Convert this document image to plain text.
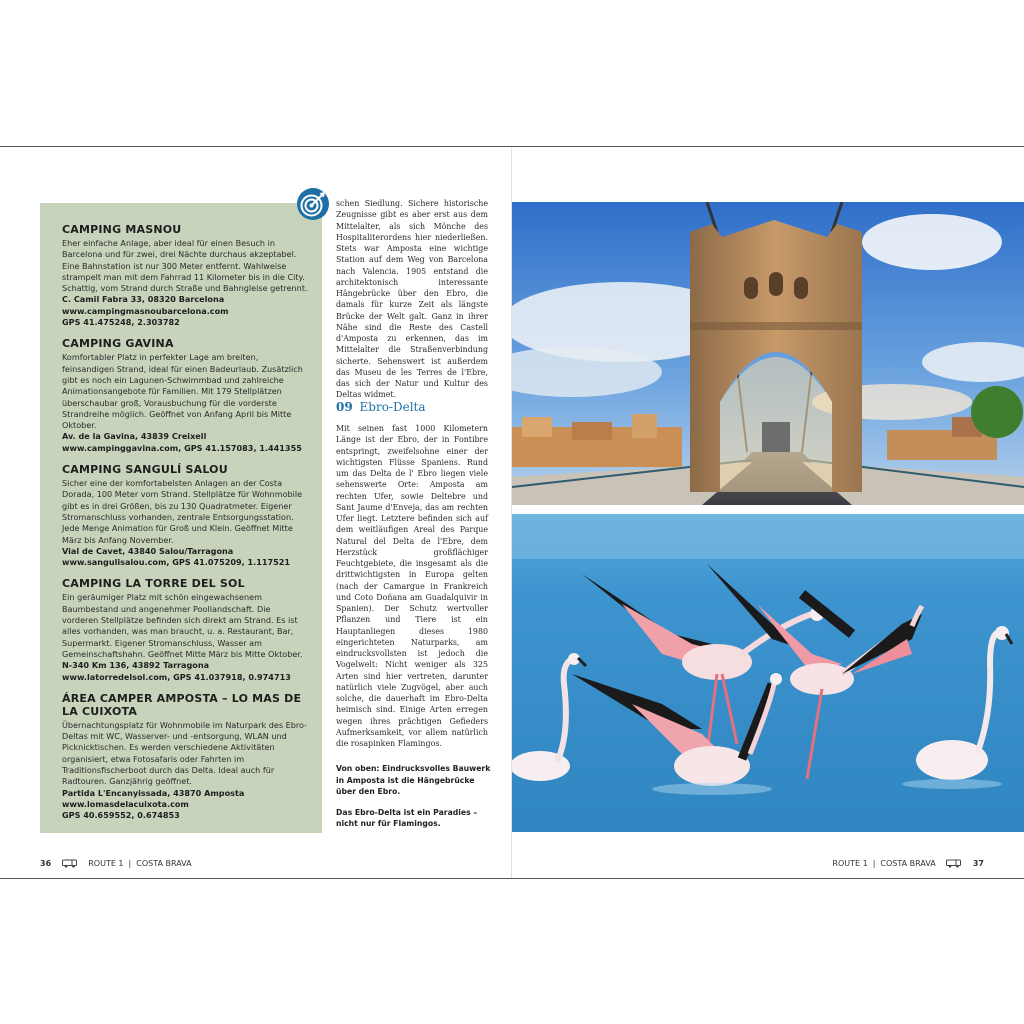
CAMPING MASNOU

Eher einfache Anlage, aber ideal für einen Besuch in Barcelona und für zwei, drei Nächte durchaus akzeptabel. Eine Bahnstation ist nur 300 Meter entfernt. Wahlweise strampelt man mit dem Fahrrad 11 Kilometer bis in die City. Schattig, vom Strand durch Straße und Bahngleise getrennt.

C. Camil Fabra 33, 08320 Barcelona

www.campingmasnoubarcelona.com

GPS 41.475248, 2.303782

CAMPING GAVINA

Komfortabler Platz in perfekter Lage am breiten, feinsandigen Strand, ideal für einen Badeurlaub. Zusätzlich gibt es noch ein Lagunen-Schwimmbad und zahlreiche Animationsangebote für Familien. Mit 179 Stellplätzen überschaubar groß, Vorausbuchung für die vorderste Strandreihe möglich. Geöffnet von Anfang April bis Mitte Oktober.

Av. de la Gavina, 43839 Creixell

www.campinggavina.com, GPS 41.157083, 1.441355

CAMPING SANGULÍ SALOU

Sicher eine der komfortabelsten Anlagen an der Costa Dorada, 100 Meter vom Strand. Stellplätze für Wohnmobile gibt es in drei Größen, bis zu 130 Quadratmeter. Eigener Stromanschluss vorhanden, zentrale Entsorgungsstation. Jede Menge Animation für Groß und Klein. Geöffnet Mitte März bis Anfang November.

Vial de Cavet, 43840 Salou/Tarragona

www.sangulisalou.com, GPS 41.075209, 1.117521

CAMPING LA TORRE DEL SOL

Ein geräumiger Platz mit schön eingewachsenem Baumbestand und angenehmer Poollandschaft. Die vorderen Stellplätze befinden sich direkt am Strand. Es ist alles vorhanden, was man braucht, u. a. Restaurant, Bar, Supermarkt. Eigener Stromanschluss, Wasser am Gemeinschaftshahn. Geöffnet Mitte März bis Mitte Oktober.

N-340 Km 136, 43892 Tarragona

www.latorredelsol.com, GPS 41.037918, 0.974713

ÁREA CAMPER AMPOSTA – LO MAS DE LA CUIXOTA

Übernachtungsplatz für Wohnmobile im Naturpark des Ebro-Deltas mit WC, Wasserver- und -entsorgung, WLAN und Picknicktischen. Es werden verschiedene Aktivitäten organisiert, etwa Fotosafaris oder Fahrten im Traditionsfischerboot durch das Delta. Ideal auch für Radtouren. Ganzjährig geöffnet.

Partida L'Encanyissada, 43870 Amposta

www.lomasdelacuixota.com

GPS 40.659552, 0.674853

schen Siedlung. Sichere historische Zeugnisse gibt es aber erst aus dem Mittelalter, als sich Mönche des Hospitaliterordens hier niederließen. Stets war Amposta eine wichtige Station auf dem Weg von Barcelona nach Valencia. 1905 entstand die architektonisch interessante Hängebrücke über den Ebro, die damals für kurze Zeit als längste Brücke der Welt galt. Ganz in ihrer Nähe sind die Reste des Castell d'Amposta zu erkennen, das im Mittelalter die Straßenverbindung sicherte. Sehenswert ist außerdem das Museu de les Terres de l'Ebre, das sich der Natur und Kultur des Deltas widmet.
09 Ebro-Delta
Mit seinen fast 1000 Kilometern Länge ist der Ebro, der in Fontibre entspringt, zweifelsohne einer der wichtigsten Flüsse Spaniens. Rund um das Delta de l' Ebro liegen viele sehenswerte Orte: Amposta am rechten Ufer, sowie Deltebre und Sant Jaume d'Enveja, das am rechten Ufer liegt. Letztere befinden sich auf dem weitläufigen Areal des Parque Natural del Delta de l'Ebre, dem Herzstück großflächiger Feuchtgebiete, die insgesamt als die drittwichtigsten in Europa gelten (nach der Camargue in Frankreich und Coto Doñana am Guadalquivir in Spanien). Der Schutz wertvoller Pflanzen und Tiere ist ein Hauptanliegen dieses 1980 eingerichteten Naturparks, am eindrucksvollsten ist jedoch die Vogelwelt: Nicht weniger als 325 Arten sind hier vertreten, darunter natürlich viele Zugvögel, aber auch solche, die dauerhaft im Ebro-Delta heimisch sind. Einige Arten erregen wegen ihres prächtigen Gefieders Aufmerksamkeit, vor allem natürlich die rosapinken Flamingos.

Von oben: Eindrucksvolles Bauwerk in Amposta ist die Hängebrücke über den Ebro.

Das Ebro-Delta ist ein Paradies – nicht nur für Flamingos.

36	ROUTE 1 | COSTA BRAVA	ROUTE 1 | COSTA BRAVA	37
